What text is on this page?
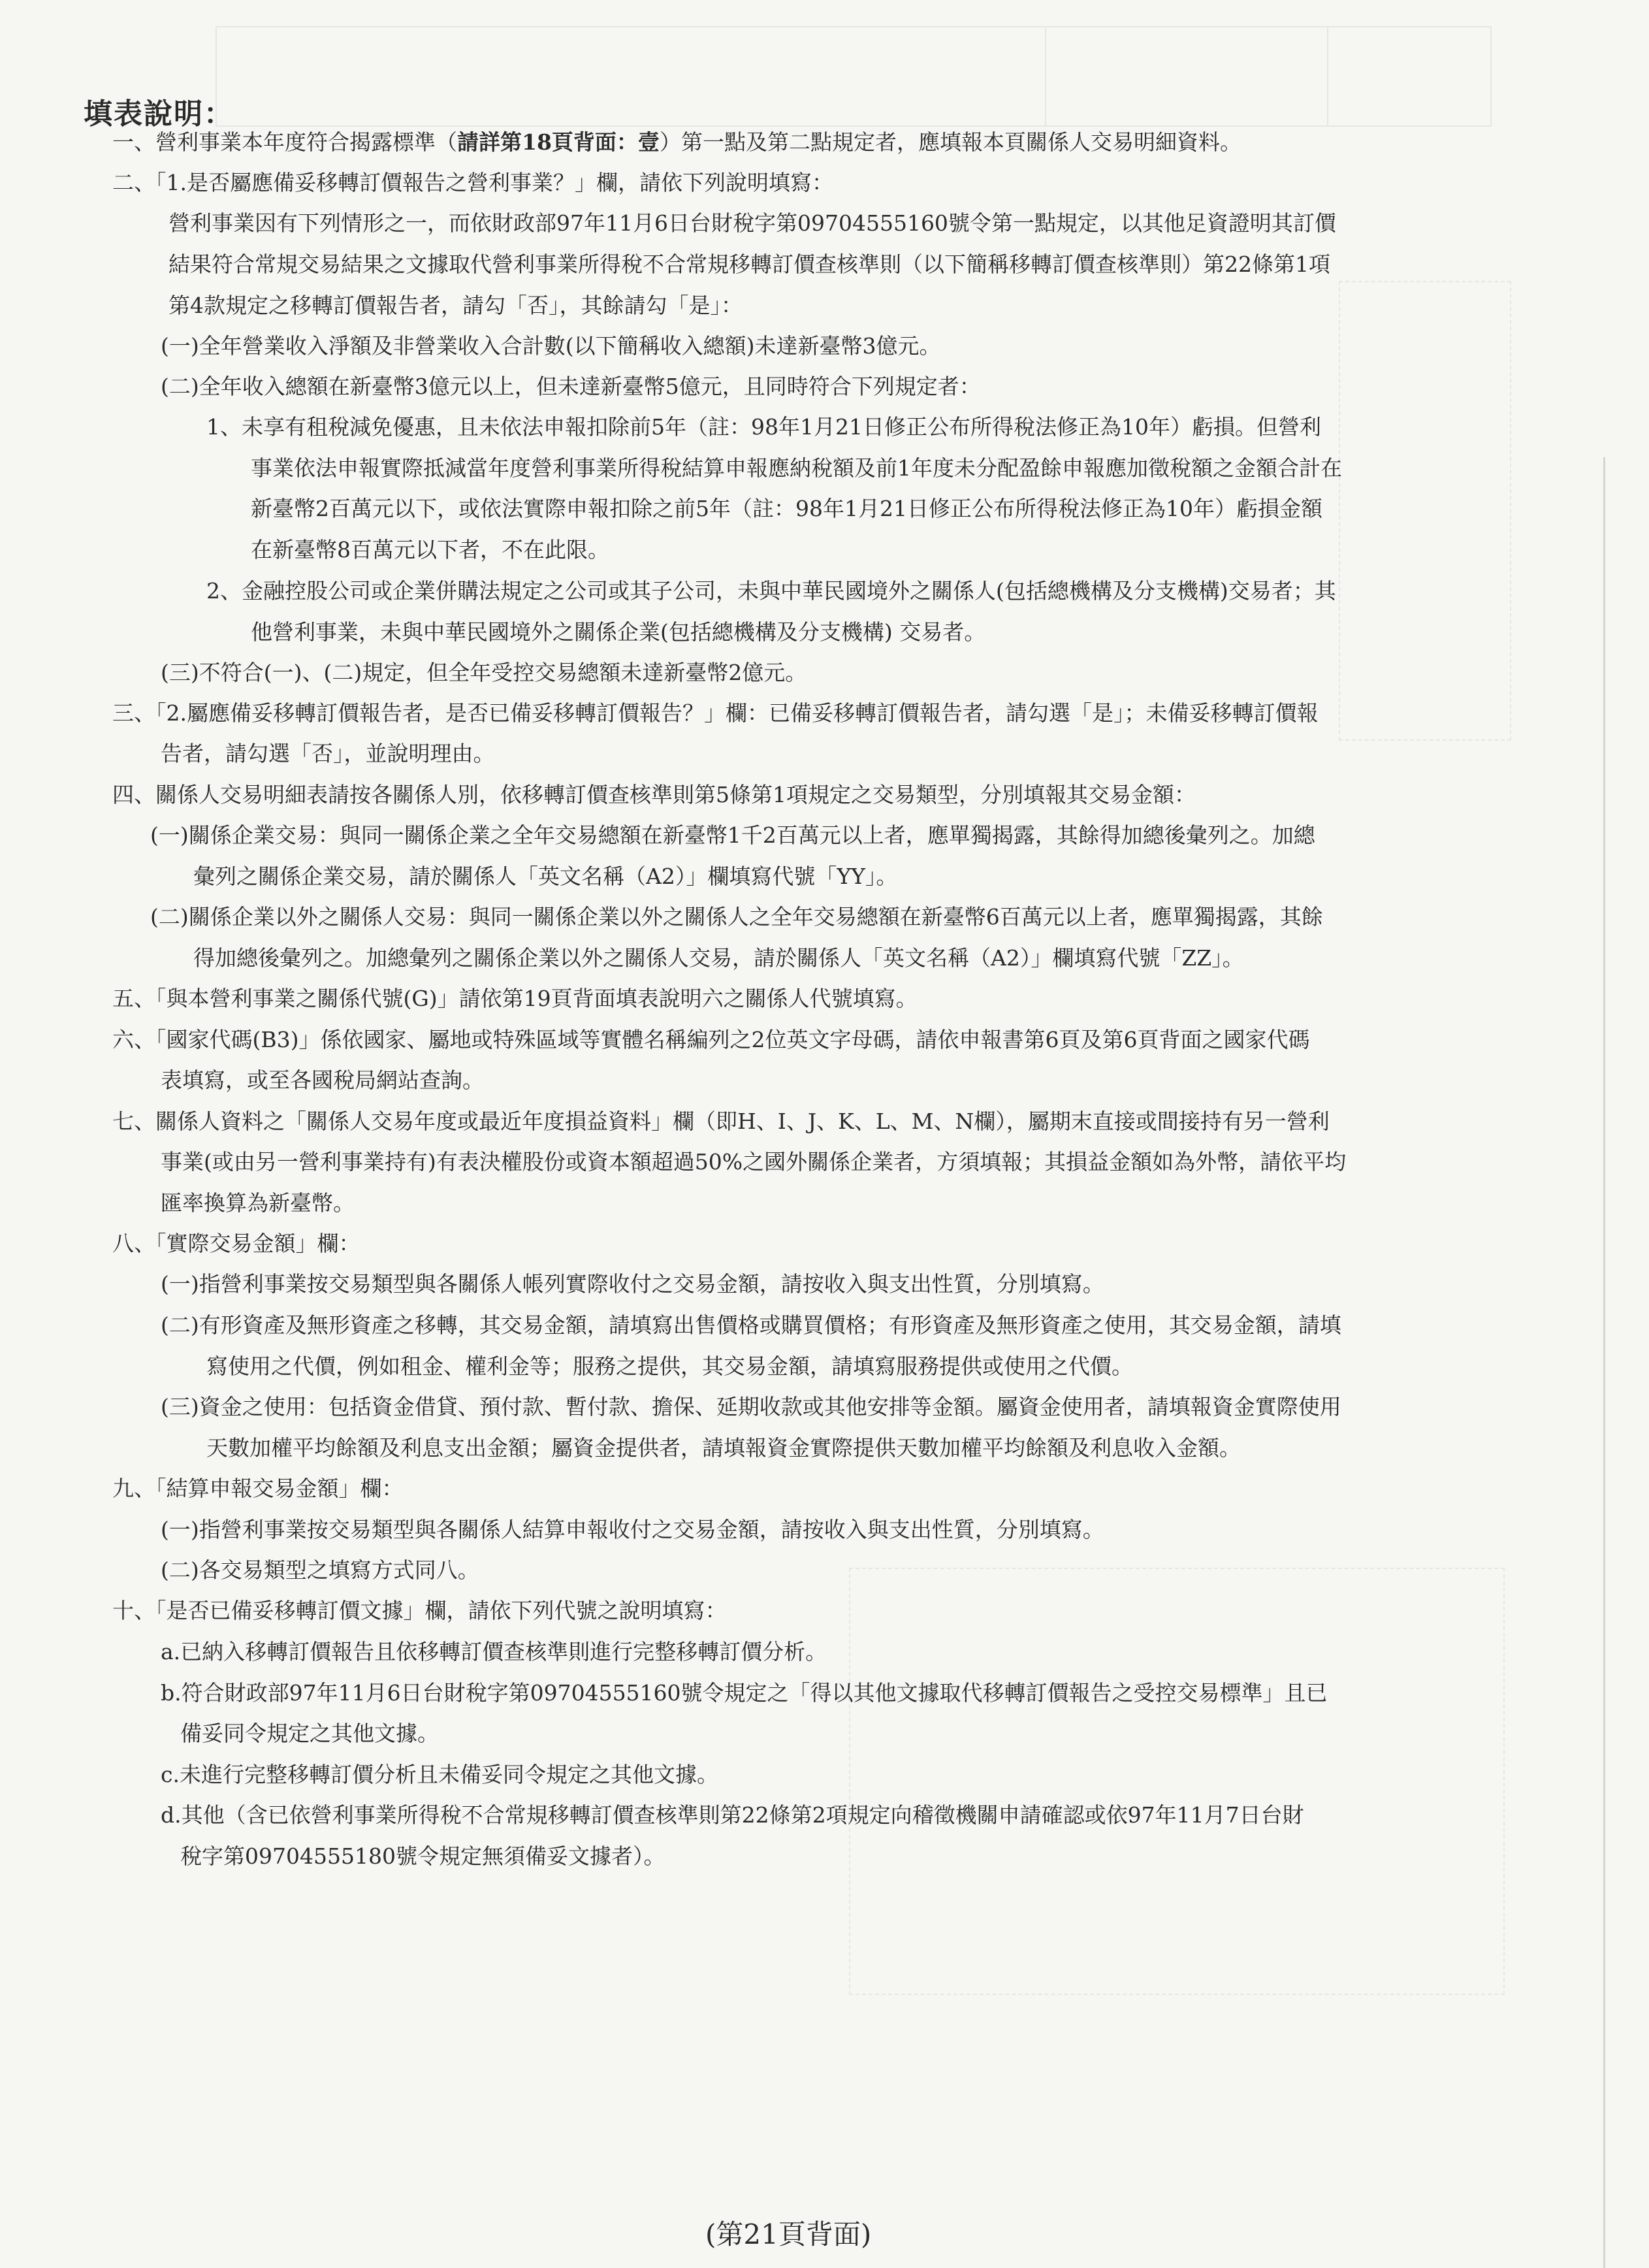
填表說明：
一、營利事業本年度符合揭露標準（請詳第18頁背面：壹）第一點及第二點規定者，應填報本頁關係人交易明細資料。
二、「1.是否屬應備妥移轉訂價報告之營利事業？」欄，請依下列說明填寫：
營利事業因有下列情形之一，而依財政部97年11月6日台財稅字第09704555160號令第一點規定，以其他足資證明其訂價
結果符合常規交易結果之文據取代營利事業所得稅不合常規移轉訂價查核準則（以下簡稱移轉訂價查核準則）第22條第1項
第4款規定之移轉訂價報告者，請勾「否」，其餘請勾「是」：
(一)全年營業收入淨額及非營業收入合計數(以下簡稱收入總額)未達新臺幣3億元。
(二)全年收入總額在新臺幣3億元以上，但未達新臺幣5億元，且同時符合下列規定者：
1、未享有租稅減免優惠，且未依法申報扣除前5年（註：98年1月21日修正公布所得稅法修正為10年）虧損。但營利
事業依法申報實際抵減當年度營利事業所得稅結算申報應納稅額及前1年度未分配盈餘申報應加徵稅額之金額合計在
新臺幣2百萬元以下，或依法實際申報扣除之前5年（註：98年1月21日修正公布所得稅法修正為10年）虧損金額
在新臺幣8百萬元以下者，不在此限。
2、金融控股公司或企業併購法規定之公司或其子公司，未與中華民國境外之關係人(包括總機構及分支機構)交易者；其
他營利事業，未與中華民國境外之關係企業(包括總機構及分支機構) 交易者。
(三)不符合(一)、(二)規定，但全年受控交易總額未達新臺幣2億元。
三、「2.屬應備妥移轉訂價報告者，是否已備妥移轉訂價報告？」欄：已備妥移轉訂價報告者，請勾選「是」；未備妥移轉訂價報
告者，請勾選「否」，並說明理由。
四、關係人交易明細表請按各關係人別，依移轉訂價查核準則第5條第1項規定之交易類型，分別填報其交易金額：
(一)關係企業交易：與同一關係企業之全年交易總額在新臺幣1千2百萬元以上者，應單獨揭露，其餘得加總後彙列之。加總
彙列之關係企業交易，請於關係人「英文名稱（A2）」欄填寫代號「YY」。
(二)關係企業以外之關係人交易：與同一關係企業以外之關係人之全年交易總額在新臺幣6百萬元以上者，應單獨揭露，其餘
得加總後彙列之。加總彙列之關係企業以外之關係人交易，請於關係人「英文名稱（A2）」欄填寫代號「ZZ」。
五、「與本營利事業之關係代號(G)」請依第19頁背面填表說明六之關係人代號填寫。
六、「國家代碼(B3)」係依國家、屬地或特殊區域等實體名稱編列之2位英文字母碼，請依申報書第6頁及第6頁背面之國家代碼
表填寫，或至各國稅局網站查詢。
七、關係人資料之「關係人交易年度或最近年度損益資料」欄（即H、I、J、K、L、M、N欄），屬期末直接或間接持有另一營利
事業(或由另一營利事業持有)有表決權股份或資本額超過50%之國外關係企業者，方須填報；其損益金額如為外幣，請依平均
匯率換算為新臺幣。
八、「實際交易金額」欄：
(一)指營利事業按交易類型與各關係人帳列實際收付之交易金額，請按收入與支出性質，分別填寫。
(二)有形資產及無形資產之移轉，其交易金額，請填寫出售價格或購買價格；有形資產及無形資產之使用，其交易金額，請填
寫使用之代價，例如租金、權利金等；服務之提供，其交易金額，請填寫服務提供或使用之代價。
(三)資金之使用：包括資金借貸、預付款、暫付款、擔保、延期收款或其他安排等金額。屬資金使用者，請填報資金實際使用
天數加權平均餘額及利息支出金額；屬資金提供者，請填報資金實際提供天數加權平均餘額及利息收入金額。
九、「結算申報交易金額」欄：
(一)指營利事業按交易類型與各關係人結算申報收付之交易金額，請按收入與支出性質，分別填寫。
(二)各交易類型之填寫方式同八。
十、「是否已備妥移轉訂價文據」欄，請依下列代號之說明填寫：
a.已納入移轉訂價報告且依移轉訂價查核準則進行完整移轉訂價分析。
b.符合財政部97年11月6日台財稅字第09704555160號令規定之「得以其他文據取代移轉訂價報告之受控交易標準」且已
備妥同令規定之其他文據。
c.未進行完整移轉訂價分析且未備妥同令規定之其他文據。
d.其他（含已依營利事業所得稅不合常規移轉訂價查核準則第22條第2項規定向稽徵機關申請確認或依97年11月7日台財
稅字第09704555180號令規定無須備妥文據者）。
(第21頁背面)
